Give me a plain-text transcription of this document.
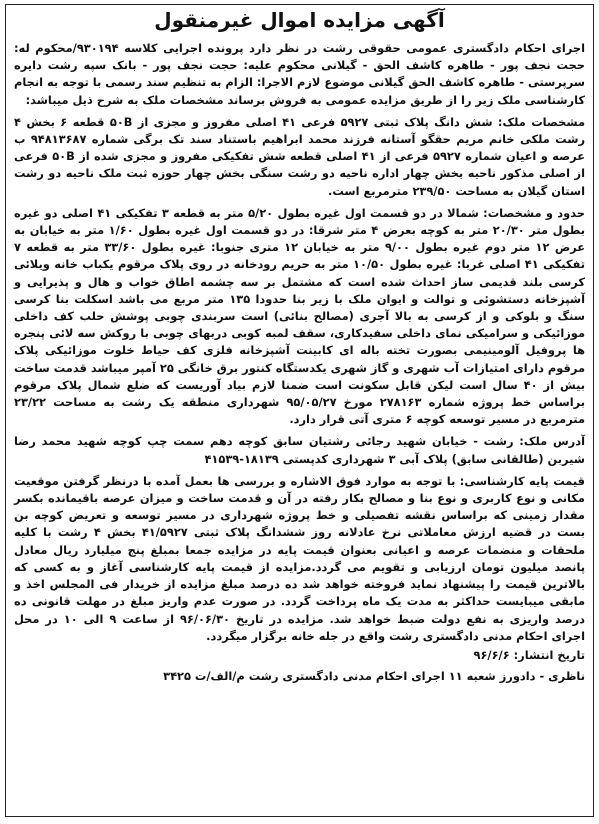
آگهی مزایده اموال غیرمنقول

اجرای احکام دادگستری عمومی حقوقی رشت در نظر دارد پرونده اجرایی کلاسه ۹۳۰۱۹۴/محکوم له: حجت نجف پور - طاهره کاشف الحق - گیلانی محکوم علیه: حجت نجف پور - بانک سپه رشت دایره سرپرستی - طاهره کاشف الحق گیلانی موضوع لازم الاجرا: الزام به تنظیم سند رسمی با توجه به انجام کارشناسی ملک زیر را از طریق مزایده عمومی به فروش برساند مشخصات ملک به شرح ذیل میباشد:

مشخصات ملک: شش دانگ پلاک ثبتی ۵۹۲۷ فرعی ۴۱ اصلی مفروز و مجزی از ۵۰B قطعه ۶ بخش ۴ رشت ملکی خانم مریم حقگو آستانه فرزند محمد ابراهیم باستناد سند تک برگی شماره ۹۴۸۱۳۶۸۷ ب عرصه و اعیان شماره ۵۹۲۷ فرعی از ۴۱ اصلی قطعه شش تفکیکی مفروز و مجزی شده از ۵۰B فرعی از اصلی مذکور ناحیه بخش چهار اداره ناحیه دو رشت سنگی بخش چهار حوزه ثبت ملک ناحیه دو رشت استان گیلان به مساحت ۲۳۹/۵۰ مترمربع است.

حدود و مشخصات: شمالا در دو قسمت اول غیره بطول ۵/۲۰ متر به قطعه ۳ تفکیکی ۴۱ اصلی دو غیره بطول متر ۲۰/۳۰ متر به کوچه بعرض ۴ متر شرقا: در دو قسمت اول غیره بطول ۱/۶۰ متر به خیابان به عرض ۱۲ متر دوم غیره بطول ۹/۰۰ متر به خیابان ۱۲ متری جنوبا: غیره بطول ۳۳/۶۰ متر به قطعه ۷ تفکیکی ۴۱ اصلی غربا: غیره بطول ۱۰/۵۰ متر به حریم رودخانه در روی پلاک مرقوم یکباب خانه ویلائی کرسی بلند قدیمی ساز احداث شده است که مشتمل بر سه چشمه اطاق خواب و هال و پذیرایی و آشپزخانه دستشوئی و توالت و ایوان ملک با زیر بنا حدودا ۱۳۵ متر مربع می باشد اسکلت بنا کرسی سنگ و بلوکی و از کرسی به بالا آجری (مصالح بنائی) است سربندی چوبی پوشش حلب کف داخلی موزائیکی و سرامیکی نمای داخلی سفیدکاری، سقف لمبه کوبی دربهای چوبی با روکش سه لائی پنجره ها پروفیل آلومینیمی بصورت تخته باله ای کابینت آشپزخانه فلزی کف حیاط خلوت موزائیکی پلاک مرقوم دارای امتیازات آب شهری و گاز شهری یکدستگاه کنتور برق خانگی ۲۵ آمپر میباشد قدمت ساخت بیش از ۴۰ سال است لیکن قابل سکونت است ضمنا لازم بیاد آوریست که ضلع شمال پلاک مرقوم براساس خط پروژه شماره ۲۷۸۱۶۳ مورخ ۹۵/۰۵/۲۷ شهرداری منطقه یک رشت به مساحت ۲۳/۲۲ مترمربع در مسیر توسعه کوچه ۶ متری آتی قرار دارد.

آدرس ملک: رشت - خیابان شهید رجائی رشتیان سابق کوچه دهم سمت چپ کوچه شهید محمد رضا شیربن (طالقانی سابق) پلاک آبی ۳ شهرداری کدپستی ۱۸۱۳۹-۴۱۵۳۹

قیمت پایه کارشناسی: با توجه به موارد فوق الاشاره و بررسی ها بعمل آمده با درنظر گرفتن موقعیت مکانی و نوع کاربری و نوع بنا و مصالح بکار رفته در آن و قدمت ساخت و میزان عرصه باقیمانده بکسر مقدار زمینی که براساس نقشه تفصیلی و خط پروژه شهرداری در مسیر توسعه و تعریض کوچه بن بست در قضیه ارزش معاملاتی نرخ عادلانه روز ششدانگ پلاک ثبتی ۴۱/۵۹۲۷ بخش ۴ رشت با کلیه ملحقات و منضمات عرصه و اعیانی بعنوان قیمت پایه در مزایده جمعا بمبلغ پنج میلیارد ریال معادل پانصد میلیون تومان ارزیابی و تقویم می گردد.مزایده از قیمت پایه کارشناسی آغاز و به کسی که بالاترین قیمت را پیشنهاد نماید فروخته خواهد شد ده درصد مبلغ مزایده از خریدار فی المجلس اخذ و مابقی میبایست حداکثر به مدت یک ماه پرداخت گردد. در صورت عدم واریز مبلغ در مهلت قانونی ده درصد واریزی به نفع دولت ضبط خواهد شد. مزایده در تاریخ ۹۶/۰۶/۳۰ از ساعت ۹ الی ۱۰ در محل اجرای احکام مدنی دادگستری رشت واقع در جله خانه برگزار میگردد.

تاریخ انتشار: ۹۶/۶/۶

ناظری - دادورز شعبه ۱۱ اجرای احکام مدنی دادگستری رشت م/الف/ت ۳۴۲۵
